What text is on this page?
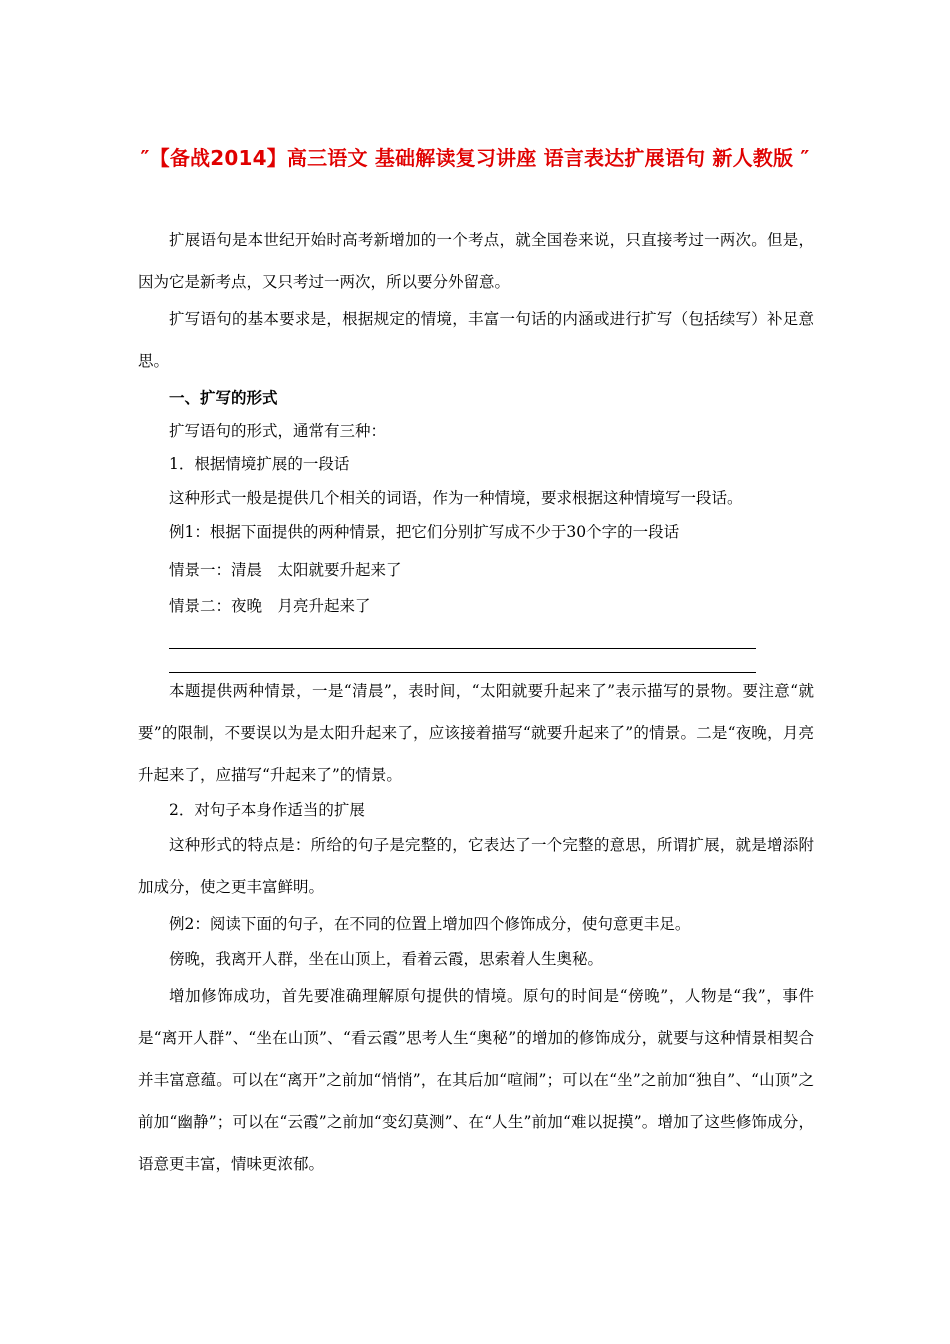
″【备战2014】高三语文 基础解读复习讲座 语言表达扩展语句 新人教版 ″

扩展语句是本世纪开始时高考新增加的一个考点，就全国卷来说，只直接考过一两次。但是，因为它是新考点，又只考过一两次，所以要分外留意。

扩写语句的基本要求是，根据规定的情境，丰富一句话的内涵或进行扩写（包括续写）补足意思。

一、扩写的形式

扩写语句的形式，通常有三种：

1．根据情境扩展的一段话

这种形式一般是提供几个相关的词语，作为一种情境，要求根据这种情境写一段话。

例1：根据下面提供的两种情景，把它们分别扩写成不少于30个字的一段话

情景一：清晨　太阳就要升起来了

情景二：夜晚　月亮升起来了

本题提供两种情景，一是“清晨”，表时间，“太阳就要升起来了”表示描写的景物。要注意“就要”的限制，不要误以为是太阳升起来了，应该接着描写“就要升起来了”的情景。二是“夜晚，月亮升起来了，应描写“升起来了”的情景。

2．对句子本身作适当的扩展

这种形式的特点是：所给的句子是完整的，它表达了一个完整的意思，所谓扩展，就是增添附加成分，使之更丰富鲜明。

例2：阅读下面的句子，在不同的位置上增加四个修饰成分，使句意更丰足。

傍晚，我离开人群，坐在山顶上，看着云霞，思索着人生奥秘。

增加修饰成功，首先要准确理解原句提供的情境。原句的时间是“傍晚”，人物是“我”，事件是“离开人群”、“坐在山顶”、“看云霞”思考人生“奥秘”的增加的修饰成分，就要与这种情景相契合并丰富意蕴。可以在“离开”之前加“悄悄”，在其后加“喧闹”；可以在“坐”之前加“独自”、“山顶”之前加“幽静”；可以在“云霞”之前加“变幻莫测”、在“人生”前加“难以捉摸”。增加了这些修饰成分，语意更丰富，情味更浓郁。
